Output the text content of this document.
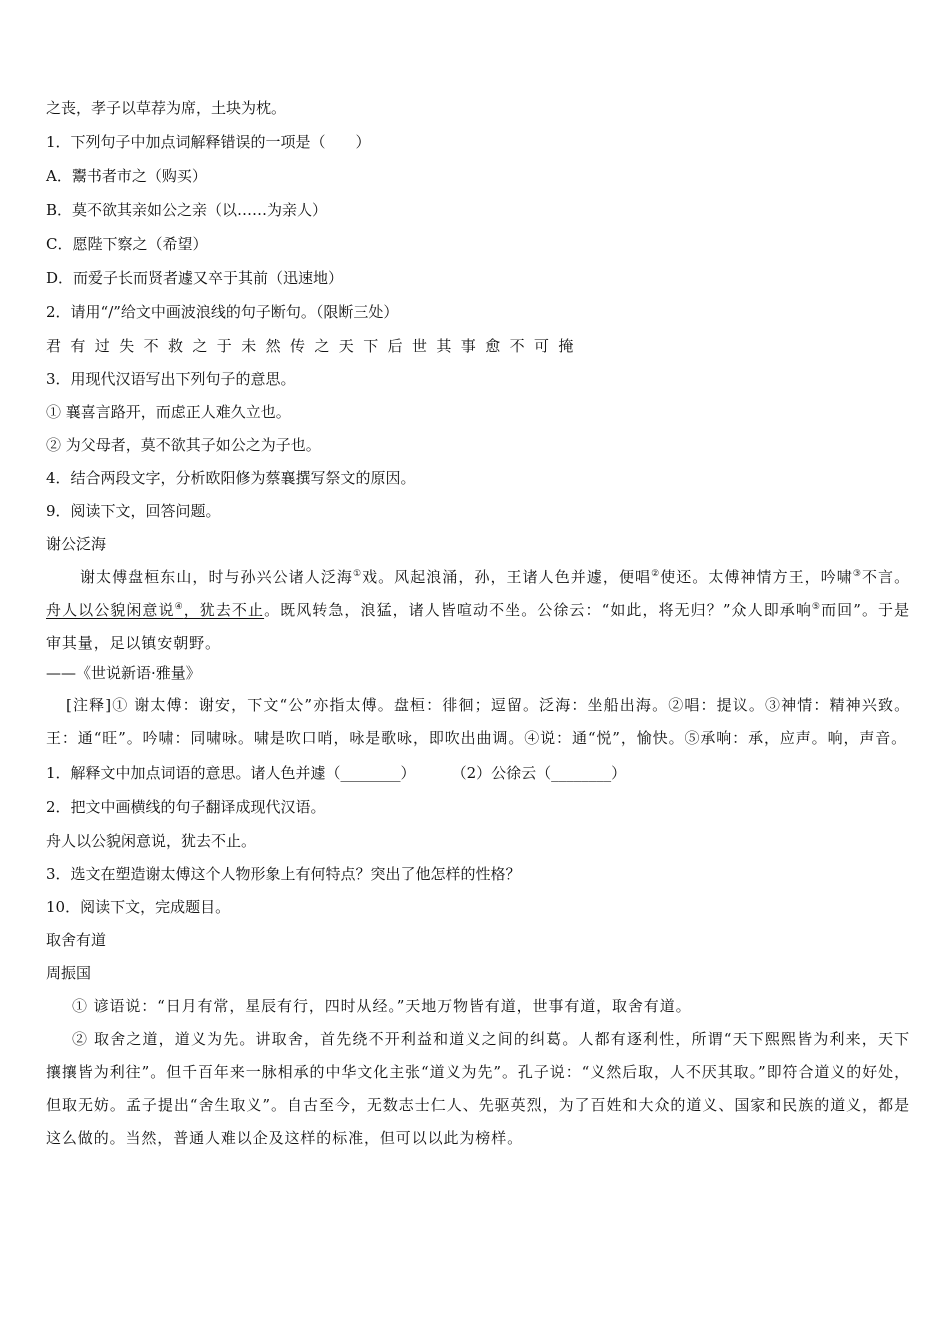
之丧，孝子以草荐为席，土块为枕。
1．下列句子中加点词解释错误的一项是（　　）
A．鬻书者市之（购买）
B．莫不欲其亲如公之亲（以……为亲人）
C．愿陛下察之（希望）
D．而爱子长而贤者遽又卒于其前（迅速地）
2．请用“/”给文中画波浪线的句子断句。（限断三处）
君有过失不救之于未然传之天下后世其事愈不可掩
3．用现代汉语写出下列句子的意思。
① 襄喜言路开，而虑正人难久立也。
② 为父母者，莫不欲其子如公之为子也。
4．结合两段文字，分析欧阳修为蔡襄撰写祭文的原因。
9．阅读下文，回答问题。
谢公泛海
谢太傅盘桓东山，时与孙兴公诸人泛海①戏。风起浪涌，孙，王诸人色并遽，便唱②使还。太傅神情方王，吟啸③不言。舟人以公貌闲意说④，犹去不止。既风转急，浪猛，诸人皆喧动不坐。公徐云：“如此，将无归？”众人即承响⑤而回”。于是审其量，足以镇安朝野。
——《世说新语·雅量》
[注释]① 谢太傅：谢安，下文“公”亦指太傅。盘桓：徘徊；逗留。泛海：坐船出海。②唱：提议。③神情：精神兴致。王：通“旺”。吟啸：同啸咏。啸是吹口哨，咏是歌咏，即吹出曲调。④说：通“悦”，愉快。⑤承响：承，应声。响，声音。
1．解释文中加点词语的意思。诸人色并遽（________） （2）公徐云（________）
2．把文中画横线的句子翻译成现代汉语。
舟人以公貌闲意说，犹去不止。
3．选文在塑造谢太傅这个人物形象上有何特点？突出了他怎样的性格？
10．阅读下文，完成题目。
取舍有道
周振国
① 谚语说：“日月有常，星辰有行，四时从经。”天地万物皆有道，世事有道，取舍有道。
② 取舍之道，道义为先。讲取舍，首先绕不开利益和道义之间的纠葛。人都有逐利性，所谓“天下熙熙皆为利来，天下攘攘皆为利往”。但千百年来一脉相承的中华文化主张“道义为先”。孔子说：“义然后取，人不厌其取。”即符合道义的好处，但取无妨。孟子提出“舍生取义”。自古至今，无数志士仁人、先驱英烈，为了百姓和大众的道义、国家和民族的道义，都是这么做的。当然，普通人难以企及这样的标准，但可以以此为榜样。
